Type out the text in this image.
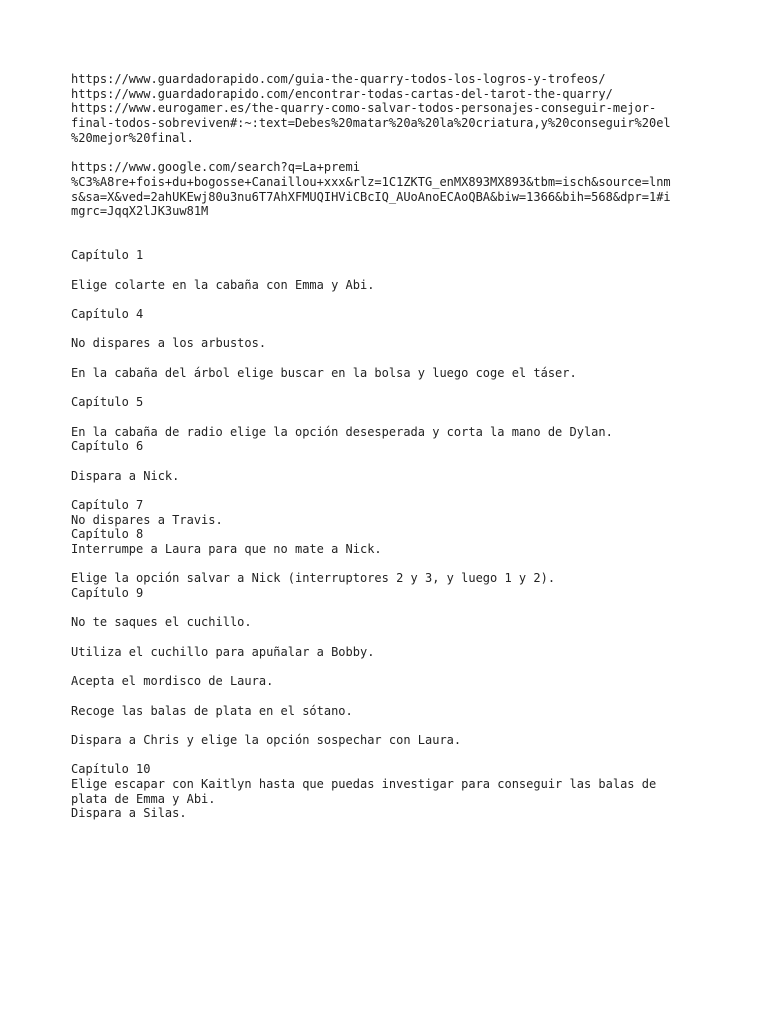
https://www.guardadorapido.com/guia-the-quarry-todos-los-logros-y-trofeos/
https://www.guardadorapido.com/encontrar-todas-cartas-del-tarot-the-quarry/
https://www.eurogamer.es/the-quarry-como-salvar-todos-personajes-conseguir-mejor-
final-todos-sobreviven#:~:text=Debes%20matar%20a%20la%20criatura,y%20conseguir%20el
%20mejor%20final.
https://www.google.com/search?q=La+premi
%C3%A8re+fois+du+bogosse+Canaillou+xxx&rlz=1C1ZKTG_enMX893MX893&tbm=isch&source=lnm
s&sa=X&ved=2ahUKEwj80u3nu6T7AhXFMUQIHViCBcIQ_AUoAnoECAoQBA&biw=1366&bih=568&dpr=1#i
mgrc=JqqX2lJK3uw81M
Capítulo 1
Elige colarte en la cabaña con Emma y Abi.
Capítulo 4
No dispares a los arbustos.
En la cabaña del árbol elige buscar en la bolsa y luego coge el táser.
Capítulo 5
En la cabaña de radio elige la opción desesperada y corta la mano de Dylan.
Capítulo 6
Dispara a Nick.
Capítulo 7
No dispares a Travis.
Capítulo 8
Interrumpe a Laura para que no mate a Nick.
Elige la opción salvar a Nick (interruptores 2 y 3, y luego 1 y 2).
Capítulo 9
No te saques el cuchillo.
Utiliza el cuchillo para apuñalar a Bobby.
Acepta el mordisco de Laura.
Recoge las balas de plata en el sótano.
Dispara a Chris y elige la opción sospechar con Laura.
Capítulo 10
Elige escapar con Kaitlyn hasta que puedas investigar para conseguir las balas de
plata de Emma y Abi.
Dispara a Silas.
